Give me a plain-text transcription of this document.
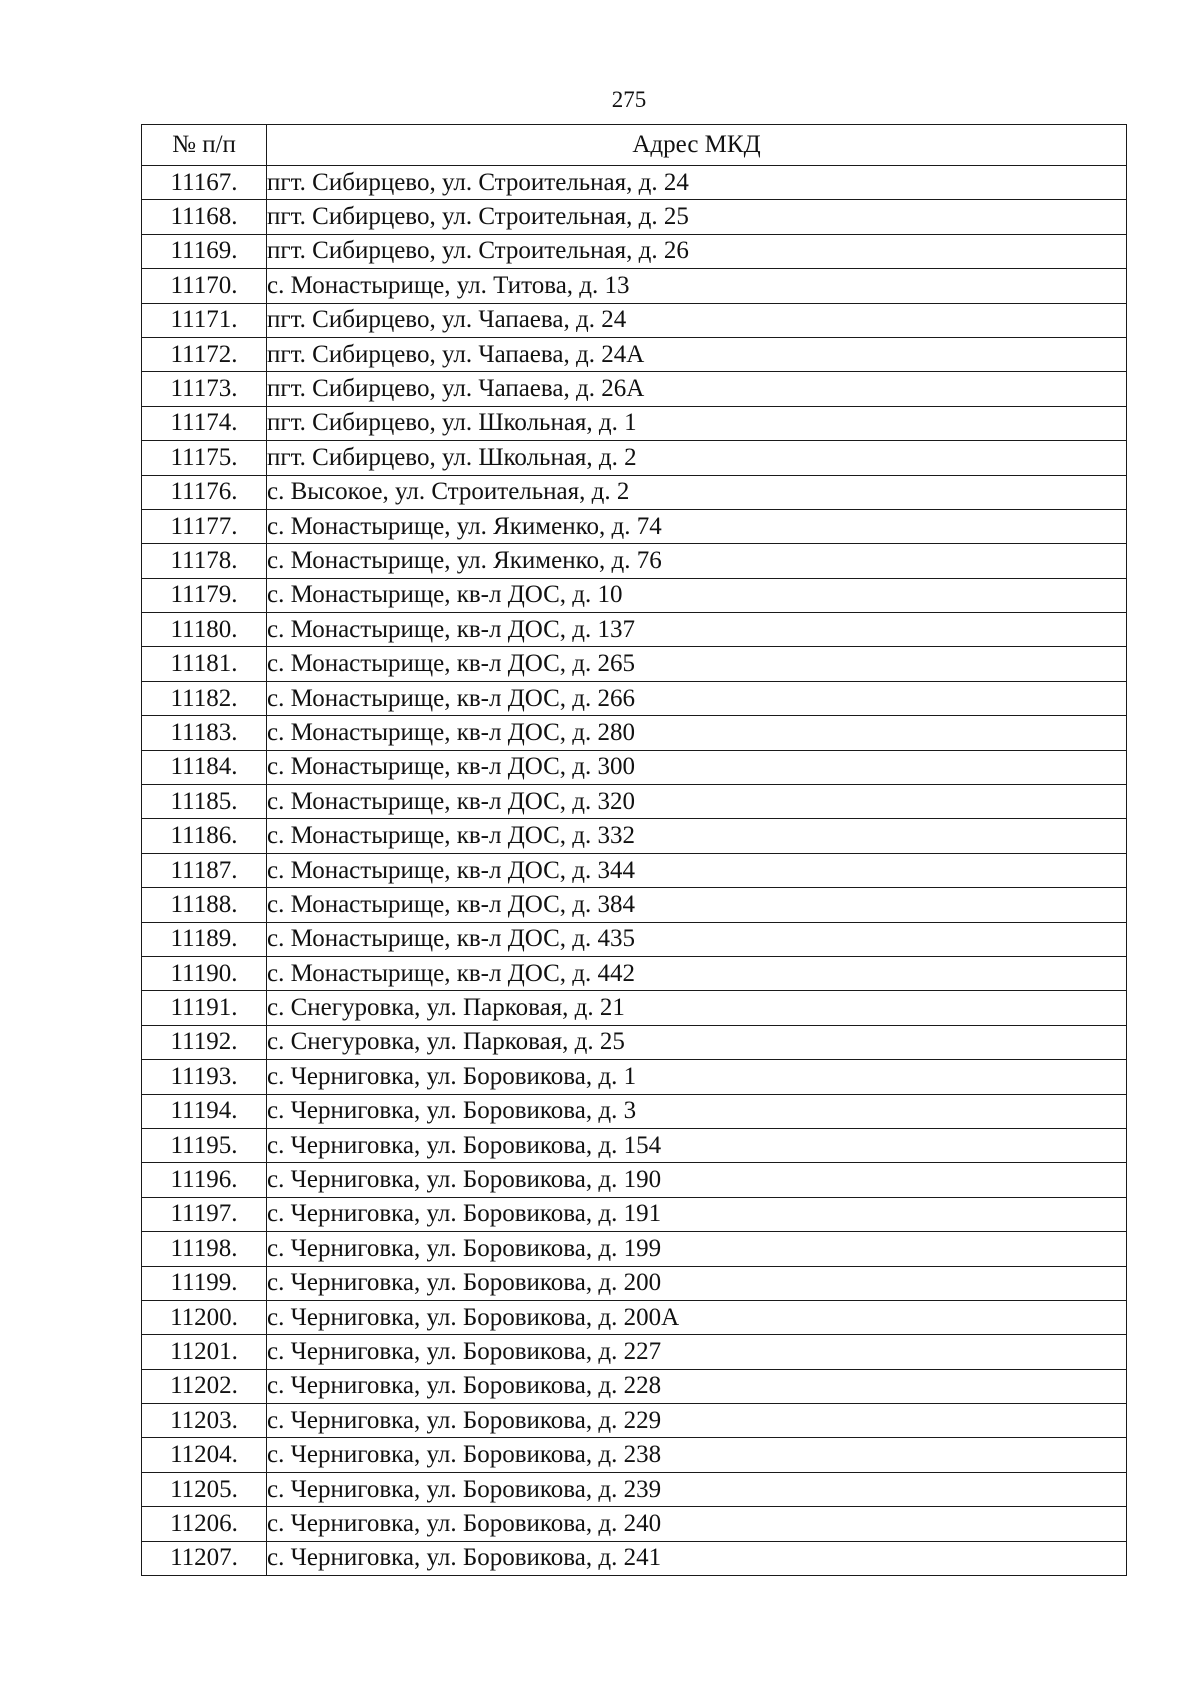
275
№ п/п	Адрес МКД
11167.	пгт. Сибирцево, ул. Строительная, д. 24
11168.	пгт. Сибирцево, ул. Строительная, д. 25
11169.	пгт. Сибирцево, ул. Строительная, д. 26
11170.	с. Монастырище, ул. Титова, д. 13
11171.	пгт. Сибирцево, ул. Чапаева, д. 24
11172.	пгт. Сибирцево, ул. Чапаева, д. 24А
11173.	пгт. Сибирцево, ул. Чапаева, д. 26А
11174.	пгт. Сибирцево, ул. Школьная, д. 1
11175.	пгт. Сибирцево, ул. Школьная, д. 2
11176.	с. Высокое, ул. Строительная, д. 2
11177.	с. Монастырище, ул. Якименко, д. 74
11178.	с. Монастырище, ул. Якименко, д. 76
11179.	с. Монастырище, кв-л ДОС, д. 10
11180.	с. Монастырище, кв-л ДОС, д. 137
11181.	с. Монастырище, кв-л ДОС, д. 265
11182.	с. Монастырище, кв-л ДОС, д. 266
11183.	с. Монастырище, кв-л ДОС, д. 280
11184.	с. Монастырище, кв-л ДОС, д. 300
11185.	с. Монастырище, кв-л ДОС, д. 320
11186.	с. Монастырище, кв-л ДОС, д. 332
11187.	с. Монастырище, кв-л ДОС, д. 344
11188.	с. Монастырище, кв-л ДОС, д. 384
11189.	с. Монастырище, кв-л ДОС, д. 435
11190.	с. Монастырище, кв-л ДОС, д. 442
11191.	с. Снегуровка, ул. Парковая, д. 21
11192.	с. Снегуровка, ул. Парковая, д. 25
11193.	с. Черниговка, ул. Боровикова, д. 1
11194.	с. Черниговка, ул. Боровикова, д. 3
11195.	с. Черниговка, ул. Боровикова, д. 154
11196.	с. Черниговка, ул. Боровикова, д. 190
11197.	с. Черниговка, ул. Боровикова, д. 191
11198.	с. Черниговка, ул. Боровикова, д. 199
11199.	с. Черниговка, ул. Боровикова, д. 200
11200.	с. Черниговка, ул. Боровикова, д. 200А
11201.	с. Черниговка, ул. Боровикова, д. 227
11202.	с. Черниговка, ул. Боровикова, д. 228
11203.	с. Черниговка, ул. Боровикова, д. 229
11204.	с. Черниговка, ул. Боровикова, д. 238
11205.	с. Черниговка, ул. Боровикова, д. 239
11206.	с. Черниговка, ул. Боровикова, д. 240
11207.	с. Черниговка, ул. Боровикова, д. 241
